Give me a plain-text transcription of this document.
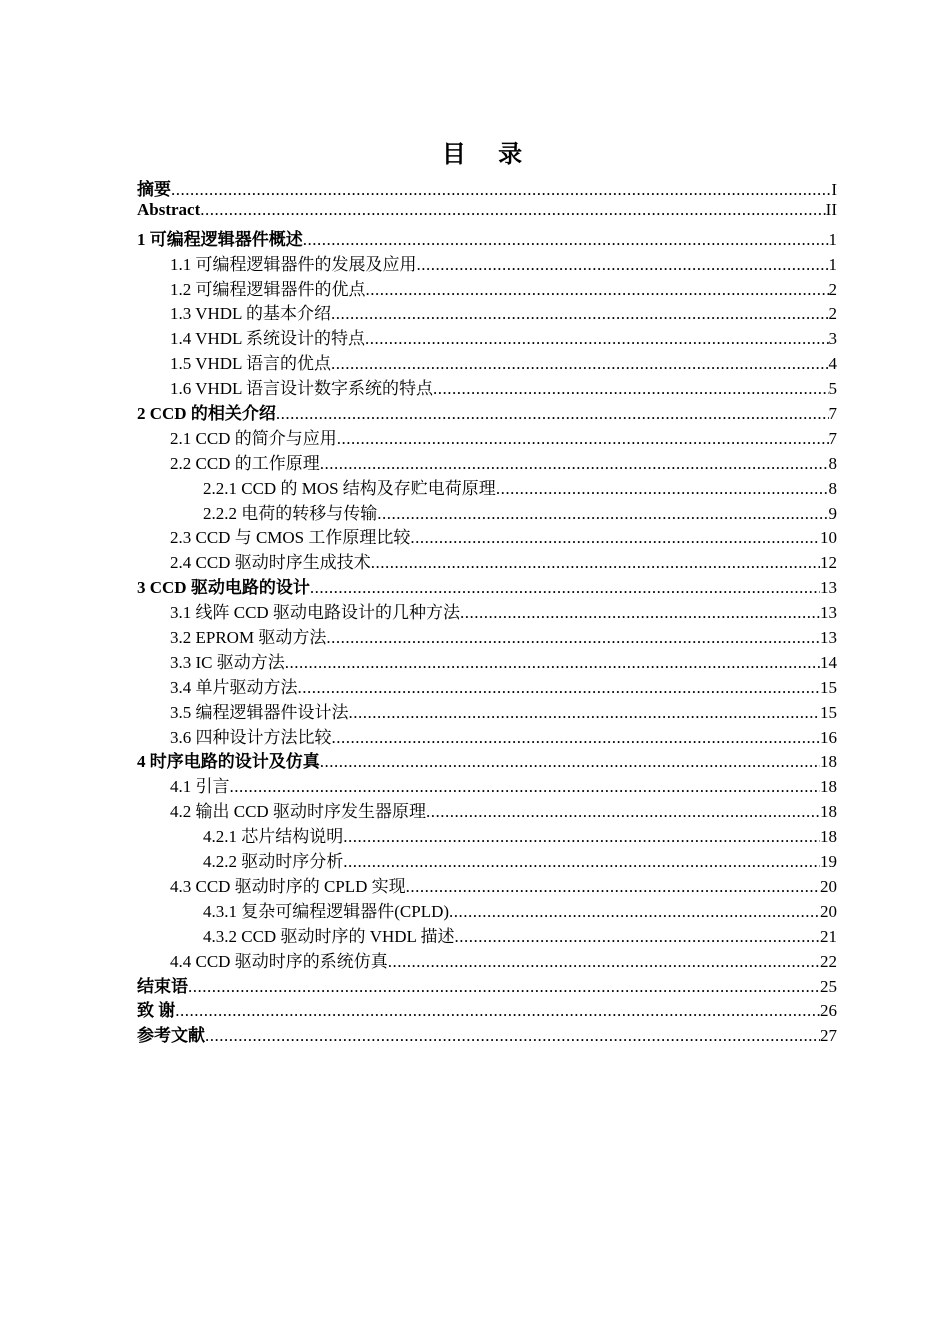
目 录
摘要 .....	I
Abstract .....	II
1 可编程逻辑器件概述 .....	1
1.1 可编程逻辑器件的发展及应用 .....	1
1.2 可编程逻辑器件的优点 .....	2
1.3 VHDL 的基本介绍 .....	2
1.4 VHDL 系统设计的特点 .....	3
1.5 VHDL 语言的优点 .....	4
1.6 VHDL 语言设计数字系统的特点 .....	5
2 CCD 的相关介绍 .....	7
2.1 CCD 的简介与应用 .....	7
2.2 CCD 的工作原理 .....	8
2.2.1 CCD 的 MOS 结构及存贮电荷原理 .....	8
2.2.2 电荷的转移与传输 .....	9
2.3 CCD 与 CMOS 工作原理比较 .....	10
2.4 CCD 驱动时序生成技术 .....	12
3 CCD 驱动电路的设计 .....	13
3.1 线阵 CCD 驱动电路设计的几种方法 .....	13
3.2 EPROM 驱动方法 .....	13
3.3 IC 驱动方法 .....	14
3.4 单片驱动方法 .....	15
3.5 编程逻辑器件设计法 .....	15
3.6 四种设计方法比较 .....	16
4 时序电路的设计及仿真 .....	18
4.1 引言 .....	18
4.2 输出 CCD 驱动时序发生器原理 .....	18
4.2.1 芯片结构说明 .....	18
4.2.2 驱动时序分析 .....	19
4.3 CCD 驱动时序的 CPLD 实现 .....	20
4.3.1 复杂可编程逻辑器件(CPLD) .....	20
4.3.2 CCD 驱动时序的 VHDL 描述 .....	21
4.4 CCD 驱动时序的系统仿真 .....	22
结束语 .....	25
致 谢 .....	26
参考文献 .....	27
